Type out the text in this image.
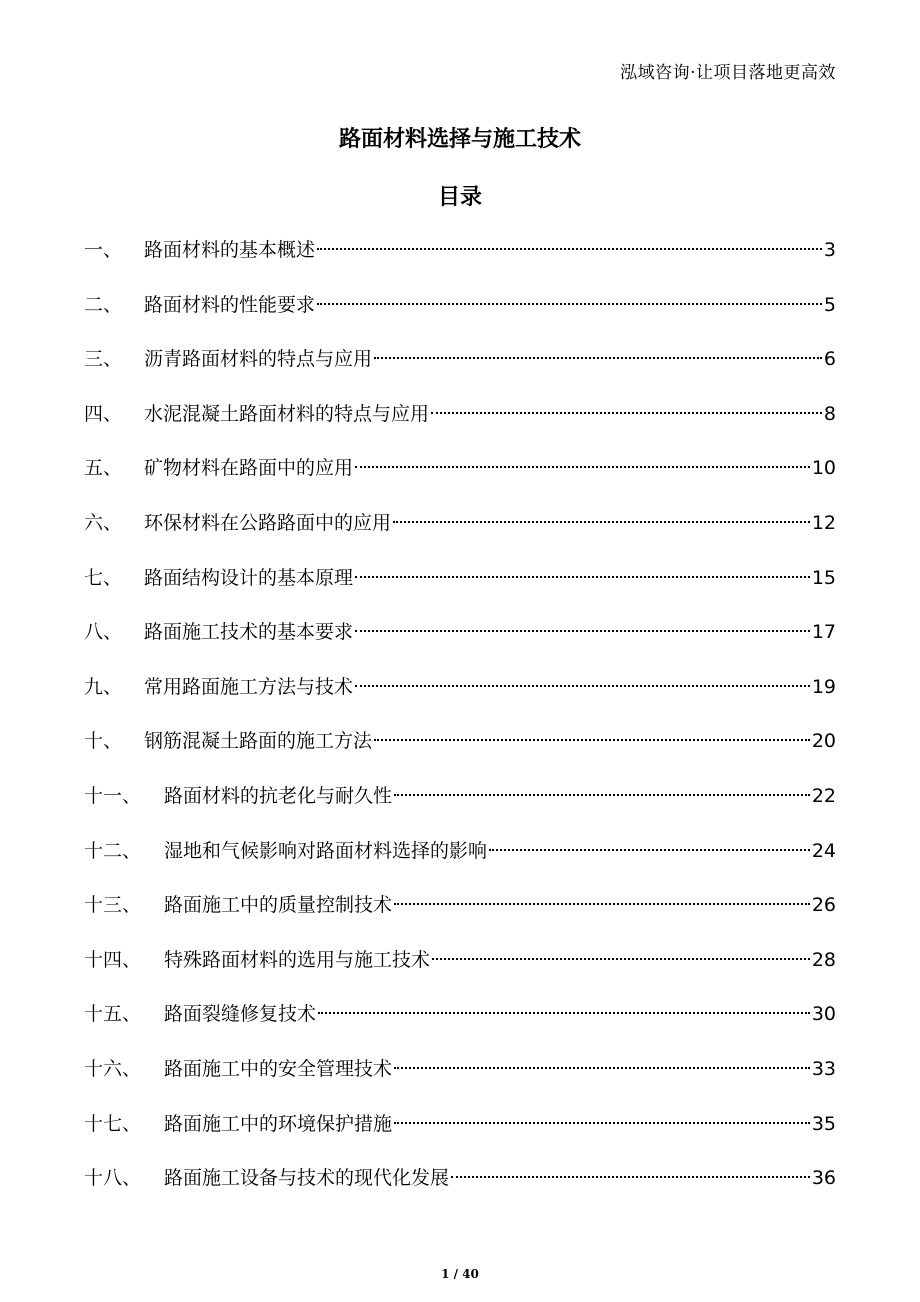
泓域咨询·让项目落地更高效
路面材料选择与施工技术
目录
一、	路面材料的基本概述	3
二、	路面材料的性能要求	5
三、	沥青路面材料的特点与应用	6
四、	水泥混凝土路面材料的特点与应用	8
五、	矿物材料在路面中的应用	10
六、	环保材料在公路路面中的应用	12
七、	路面结构设计的基本原理	15
八、	路面施工技术的基本要求	17
九、	常用路面施工方法与技术	19
十、	钢筋混凝土路面的施工方法	20
十一、	路面材料的抗老化与耐久性	22
十二、	湿地和气候影响对路面材料选择的影响	24
十三、	路面施工中的质量控制技术	26
十四、	特殊路面材料的选用与施工技术	28
十五、	路面裂缝修复技术	30
十六、	路面施工中的安全管理技术	33
十七、	路面施工中的环境保护措施	35
十八、	路面施工设备与技术的现代化发展	36
1 / 40
